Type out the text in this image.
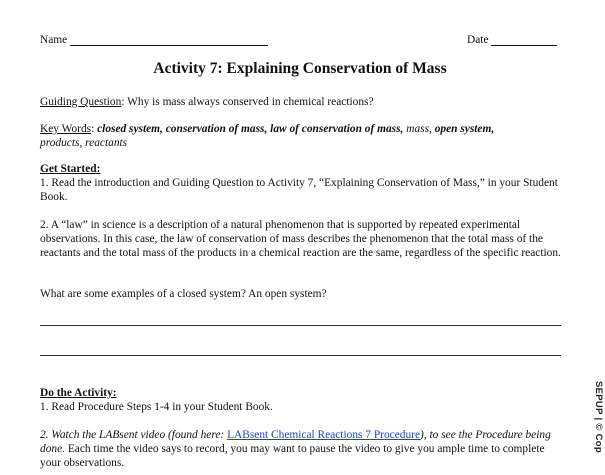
Name	Date
Activity 7: Explaining Conservation of Mass
Guiding Question: Why is mass always conserved in chemical reactions?
Key Words: closed system, conservation of mass, law of conservation of mass, mass, open system,
products, reactants
Get Started:
1. Read the introduction and Guiding Question to Activity 7, “Explaining Conservation of Mass,” in your Student Book.
2. A “law” in science is a description of a natural phenomenon that is supported by repeated experimental observations. In this case, the law of conservation of mass describes the phenomenon that the total mass of the reactants and the total mass of the products in a chemical reaction are the same, regardless of the specific reaction.
What are some examples of a closed system? An open system?
Do the Activity:
1. Read Procedure Steps 1-4 in your Student Book.
2. Watch the LABsent video (found here: LABsent Chemical Reactions 7 Procedure), to see the Procedure being done. Each time the video says to record, you may want to pause the video to give you ample time to complete your observations.
SEPUP | © Cop
